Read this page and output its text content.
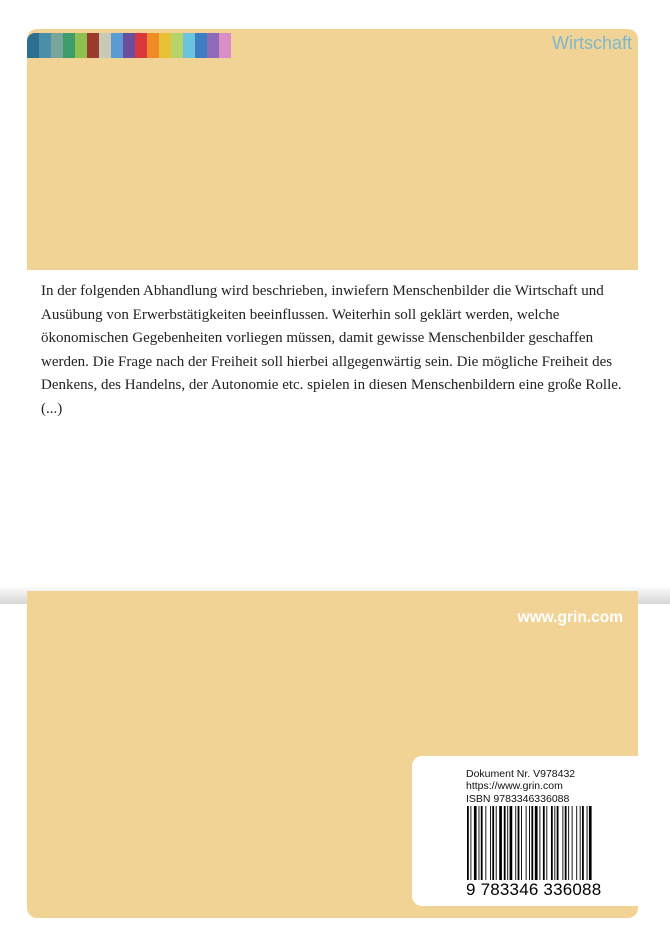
Wirtschaft

In der folgenden Abhandlung wird beschrieben, inwiefern Menschenbilder die Wirtschaft und Ausübung von Erwerbstätigkeiten beeinflussen. Weiterhin soll geklärt werden, welche ökonomischen Gegebenheiten vorliegen müssen, damit gewisse Menschenbilder geschaffen werden. Die Frage nach der Freiheit soll hierbei allgegenwärtig sein. Die mögliche Freiheit des Denkens, des Handelns, der Autonomie etc. spielen in diesen Menschenbildern eine große Rolle. (...)

www.grin.com
Dokument Nr. V978432
https://www.grin.com
ISBN 9783346336088
9 783346 336088
